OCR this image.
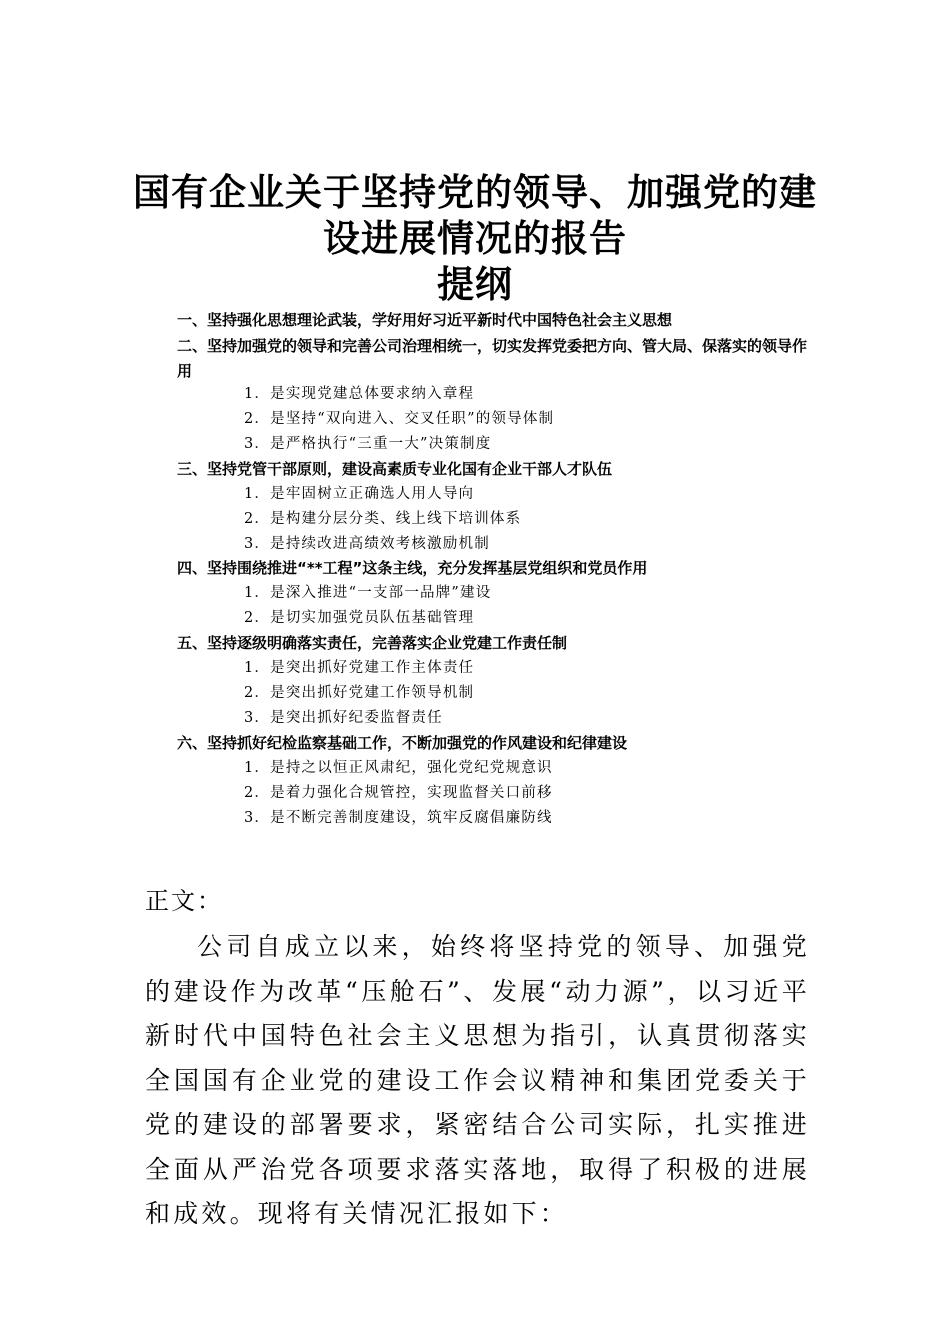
国有企业关于坚持党的领导、加强党的建
设进展情况的报告
提纲
一、坚持强化思想理论武装，学好用好习近平新时代中国特色社会主义思想
二、坚持加强党的领导和完善公司治理相统一，切实发挥党委把方向、管大局、保落实的领导作用
1．是实现党建总体要求纳入章程
2．是坚持“双向进入、交叉任职”的领导体制
3．是严格执行“三重一大”决策制度
三、坚持党管干部原则，建设高素质专业化国有企业干部人才队伍
1．是牢固树立正确选人用人导向
2．是构建分层分类、线上线下培训体系
3．是持续改进高绩效考核激励机制
四、坚持围绕推进“**工程”这条主线，充分发挥基层党组织和党员作用
1．是深入推进“一支部一品牌”建设
2．是切实加强党员队伍基础管理
五、坚持逐级明确落实责任，完善落实企业党建工作责任制
1．是突出抓好党建工作主体责任
2．是突出抓好党建工作领导机制
3．是突出抓好纪委监督责任
六、坚持抓好纪检监察基础工作，不断加强党的作风建设和纪律建设
1．是持之以恒正风肃纪，强化党纪党规意识
2．是着力强化合规管控，实现监督关口前移
3．是不断完善制度建设，筑牢反腐倡廉防线
正文：
公司自成立以来，始终将坚持党的领导、加强党的建设作为改革“压舱石”、发展“动力源”，以习近平新时代中国特色社会主义思想为指引，认真贯彻落实全国国有企业党的建设工作会议精神和集团党委关于党的建设的部署要求，紧密结合公司实际，扎实推进全面从严治党各项要求落实落地，取得了积极的进展和成效。现将有关情况汇报如下：
